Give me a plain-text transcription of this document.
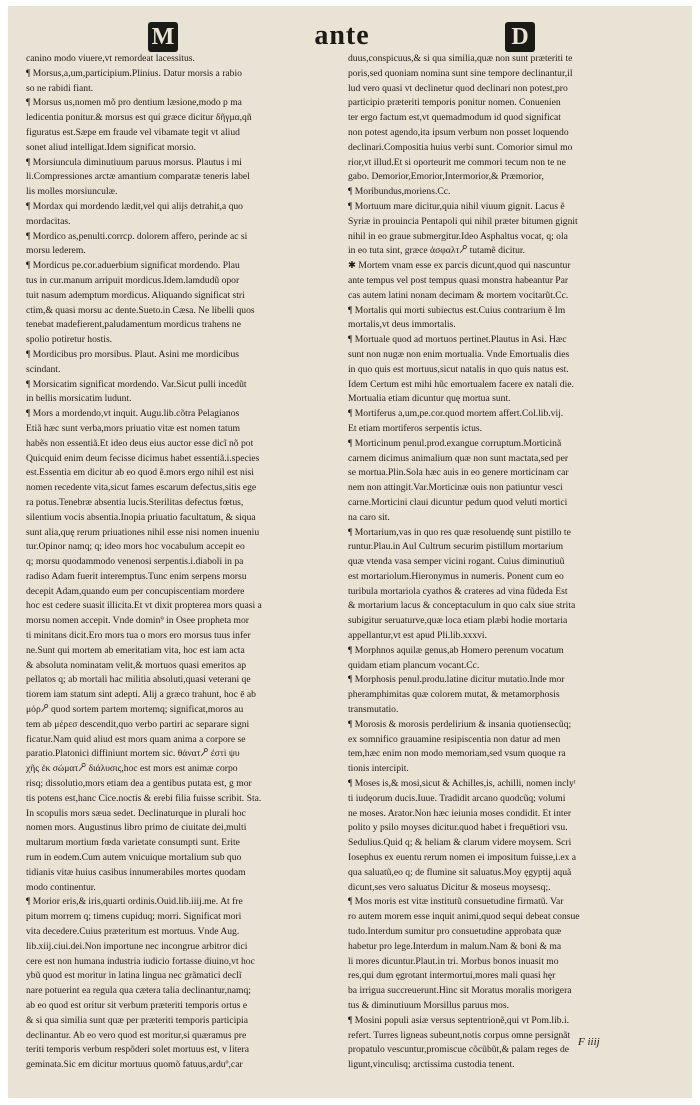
M	ante	D
canino modo viuere,vt remordeat lacessitus.
¶ Morsus,a,um,participium.Plinius. Datur morsis a rabio
so ne rabidi fiant.
¶ Morsus us,nomen mõ pro dentium læsione,modo p ma
ledicentia ponitur.& morsus est qui græce dicitur δῆγμα,qñ
figuratus est.Sæpe em fraude vel vibamate tegit vt aliud
sonet aliud intelligat.Idem significat morsio.
¶ Morsiuncula diminutiuum paruus morsus. Plautus i mi
li.Compressiones arctæ amantium comparatæ teneris label
lis molles morsiunculæ.
¶ Mordax qui mordendo lædit,vel qui alijs detrahit,a quo
mordacitas.
¶ Mordico as,penulti.corrcp. dolorem affero, perinde ac si
morsu lederem.
¶ Mordicus pe.cor.aduerbium significat mordendo. Plau
tus in cur.manum arripuit mordicus.Idem.lamdudũ opor
tuit nasum ademptum mordicus. Aliquando significat stri
ctim,& quasi morsu ac dente.Sueto.in Cæsa. Ne libelli quos
tenebat madefierent,paludamentum mordicus trahens ne
spolio potiretur hostis.
¶ Mordicibus pro morsibus. Plaut. Asini me mordicibus
scindant.
¶ Morsicatim significat mordendo. Var.Sicut pulli incedũt
in bellis morsicatim ludunt.
¶ Mors a mordendo,vt inquit. Augu.lib.cõtra Pelagianos
Etiã hæc sunt verba,mors priuatio vitæ est nomen tatum
habẽs non essentiã.Et ideo deus eius auctor esse dicĩ nõ pot
Quicquid enim deum fecisse dicimus habet essentiã.i.species
est.Essentia em dicitur ab eo quod ẽ.mors ergo nihil est nisi
nomen recedente vita,sicut fames escarum defectus,sitis ege
ra potus.Tenebræ absentia lucis.Sterilitas defectus fœtus,
silentium vocis absentia.Inopia priuatio facultatum, & siqua
sunt alia,quę rerum priuationes nihil esse nisi nomen inueniu
tur.Opinor namq; q; ideo mors hoc vocabulum accepit eo
q; morsu quodammodo venenosi serpentis.i.diaboli in pa
radiso Adam fuerit interemptus.Tunc enim serpens morsu
decepit Adam,quando eum per concupiscentiam mordere
hoc est cedere suasit illicita.Et vt dixit propterea mors quasi a
morsu nomen accepit. Vnde domin⁹ in Osee propheta mor
ti minitans dicit.Ero mors tua o mors ero morsus tuus infer
ne.Sunt qui mortem ab emeritatiam vita, hoc est iam acta
& absoluta nominatam velit,& mortuos quasi emeritos ap
pellatos q; ab mortali hac militia absoluti,quasi veterani qe
tiorem iam statum sint adepti. Alij a græco trahunt, hoc ē ab
μόρ🝯 quod sortem partem mortemq; significat,moros au
tem ab μέρεσ descendit,quo verbo partiri ac separare signi
ficatur.Nam quid aliud est mors quam anima a corpore se
paratio.Platonici diffiniunt mortem sic. θάνατ🝯 ἐστὶ ψυ
χῆς ἐκ σώματ🝯 διάλυσις,hoc est mors est animæ corpo
risq; dissolutio,mors etiam dea a gentibus putata est, g mor
tis potens est,hanc Cice.noctis & erebi filia fuisse scribit. Sta.
In scopulis mors sæua sedet. Declinaturque in plurali hoc
nomen mors. Augustinus libro primo de ciuitate dei,multi
multarum mortium fœda varietate consumpti sunt. Erite
rum in eodem.Cum autem vnicuique mortalium sub quo
tidianis vitæ huius casibus innumerabiles mortes quodam
modo continentur.
¶ Morior eris,& iris,quarti ordinis.Ouid.lib.iiij.me. At fre
pitum morrem q; timens cupiduq; morri. Significat mori
vita decedere.Cuius præteritum est mortuus. Vnde Aug.
lib.xiij.ciui.dei.Non importune nec incongrue arbitror dici
cere est non humana industria iudicio fortasse diuino,vt hoc
ybũ quod est moritur in latina lingua nec grãmatici declĩ
nare potuerint ea regula qua cætera talia declinantur,namq;
ab eo quod est oritur sit verbum præteriti temporis ortus e
& si qua similia sunt quæ per præteriti temporis participia
declinantur. Ab eo vero quod est moritur,si quæramus pre
teriti temporis verbum respõderi solet mortuus est, v litera
geminata.Sic em dicitur mortuus quomõ fatuus,arduº,car
duus,conspicuus,& si qua similia,quæ non sunt præteriti te
poris,sed quoniam nomina sunt sine tempore declinantur,il
lud vero quasi vt declinetur quod declinari non potest,pro
participio præteriti temporis ponitur nomen. Conuenien
ter ergo factum est,vt quemadmodum id quod significat
non potest agendo,ita ipsum verbum non posset loquendo
declinari.Compositia huius verbi sunt. Comorior simul mo
rior,vt illud.Et si oporteurit me commori tecum non te ne
gabo. Demorior,Emorior,Intermorior,& Præmorior,
¶ Moribundus,moriens.Cc.
¶ Mortuum mare dicitur,quia nihil viuum gignit. Lacus ẽ
Syriæ in prouincia Pentapoli qui nihil præter bitumen gignit
nihil in eo graue submergitur.Ideo Asphaltus vocat, q; ola
in eo tuta sint, græce ἀσφαλτ🝯 tutamẽ dicitur.
✱ Mortem vnam esse ex parcis dicunt,quod qui nascuntur
ante tempus vel post tempus quasi monstra habeantur Par
cas autem latini nonam decimam & mortem vocitarũt.Cc.
¶ Mortalis qui morti subiectus est.Cuius contrarium ẽ Im
mortalis,vt deus immortalis.
¶ Mortuale quod ad mortuos pertinet.Plautus in Asi. Hæc
sunt non nugæ non enim mortualia. Vnde Emortualis dies
in quo quis est mortuus,sicut natalis in quo quis natus est.
Idem Certum est mihi hũc emortualem facere ex natali die.
Mortualia etiam dicuntur quę mortua sunt.
¶ Mortiferus a,um,pe.cor.quod mortem affert.Col.lib.vij.
Et etiam mortiferos serpentis ictus.
¶ Morticinum penul.prod.exangue corruptum.Morticinã
carnem dicimus animalium quæ non sunt mactata,sed per
se mortua.Plin.Sola hæc auis in eo genere morticinam car
nem non attingit.Var.Morticinæ ouis non patiuntur vesci
carne.Morticini claui dicuntur pedum quod veluti mortici
na caro sit.
¶ Mortarium,vas in quo res quæ resoluendę sunt pistillo te
runtur.Plau.in Aul Cultrum securim pistillum mortarium
quæ vtenda vasa semper vicini rogant. Cuius diminutiuũ
est mortariolum.Hieronymus in numeris. Ponent cum eo
turibula mortariola cyathos & crateres ad vina fũdeda Est
& mortarium lacus & conceptaculum in quo calx siue strita
subigitur seruaturve,quæ loca etiam plæbi hodie mortaria
appellantur,vt est apud Pli.lib.xxxvi.
¶ Morphnos aquilæ genus,ab Homero perenum vocatum
quidam etiam plancum vocant.Cc.
¶ Morphosis penul.produ.latine dicitur mutatio.Inde mor
pheramphimitas quæ colorem mutat, & metamorphosis
transmutatio.
¶ Morosis & morosis perdelirium & insania quotiensecũq;
ex somnifico grauamine resipiscentia non datur ad men
tem,hæc enim non modo memoriam,sed vsum quoque ra
tionis intercipit.
¶ Moses is,& mosi,sicut & Achilles,is, achilli, nomen inclyᵗ
ti iudęorum ducis.Iuue. Tradidit arcano quodcũq; volumi
ne moses. Arator.Non hæc ieiunia moses condidit. Et inter
polito y psilo moyses dicitur.quod habet i frequētiori vsu.
Sedulius.Quid q; & heliam & clarum videre moysem. Scri
Iosephus ex euentu rerum nomen ei impositum fuisse,i.ex a
qua saluatũ,eo q; de flumine sit saluatus.Moy ęgyptij aquã
dicunt,ses vero saluatus Dicitur & moseus moysesq;.
¶ Mos moris est vitæ institutũ consuetudine firmatũ. Var
ro autem morem esse inquit animi,quod sequi debeat consue
tudo.Interdum sumitur pro consuetudine approbata quæ
habetur pro lege.Interdum in malum.Nam & boni & ma
li mores dicuntur.Plaut.in tri. Morbus bonos inuasit mo
res,qui dum ęgrotant intermortui,mores mali quasi hęr
ba irrigua succreuerunt.Hinc sit Moratus moralis morigera
tus & diminutiuum Morsillus paruus mos.
¶ Mosini populi asiæ versus septentrionẽ,qui vt Pom.lib.i.
refert. Turres ligneas subeunt,notis corpus omne persignãt
propatulo vescuntur,promiscue cõcũbũt,& palam reges de
ligunt,vinculisq; arctissima custodia tenent.
F iiij
